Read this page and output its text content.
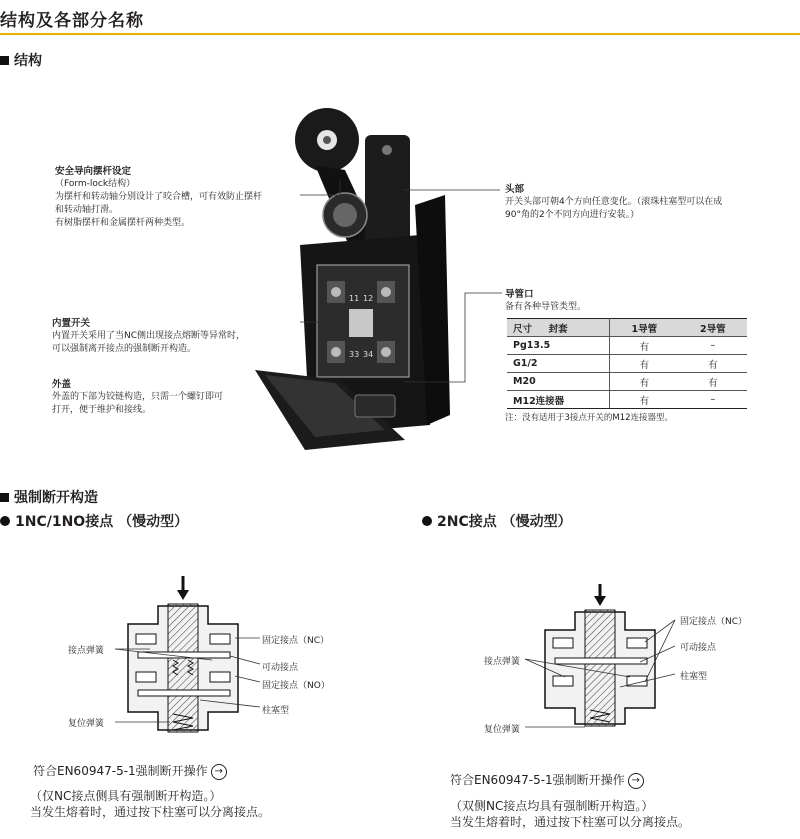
结构及各部分名称
结构
11 12
33 34
安全导向摆杆设定
（Form-lock结构）
为摆杆和转动轴分别设计了咬合槽，可有效防止摆杆
和转动轴打滑。
有树脂摆杆和金属摆杆两种类型。
内置开关
内置开关采用了当NC侧出现接点熔断等异常时，
可以强制离开接点的强制断开构造。
外盖
外盖的下部为铰链构造，只需一个螺钉即可
打开，便于维护和接线。
头部
开关头部可朝4个方向任意变化。（滚珠柱塞型可以在成
90°角的2个不同方向进行安装。）
导管口
备有各种导管类型。
尺寸 封套	1导管	2导管
Pg13.5	有	–
G1/2	有	有
M20	有	有
M12连接器	有	–
注：没有适用于3接点开关的M12连接器型。
强制断开构造
1NC/1NO接点 （慢动型）	2NC接点 （慢动型）
接点弹簧
复位弹簧
固定接点（NC）
可动接点
固定接点（NO）
柱塞型
符合EN60947-5-1强制断开操作 →
（仅NC接点侧具有强制断开构造。）
当发生熔着时，通过按下柱塞可以分离接点。
接点弹簧
复位弹簧
固定接点（NC）
可动接点
柱塞型
符合EN60947-5-1强制断开操作 →
（双侧NC接点均具有强制断开构造。）
当发生熔着时，通过按下柱塞可以分离接点。
